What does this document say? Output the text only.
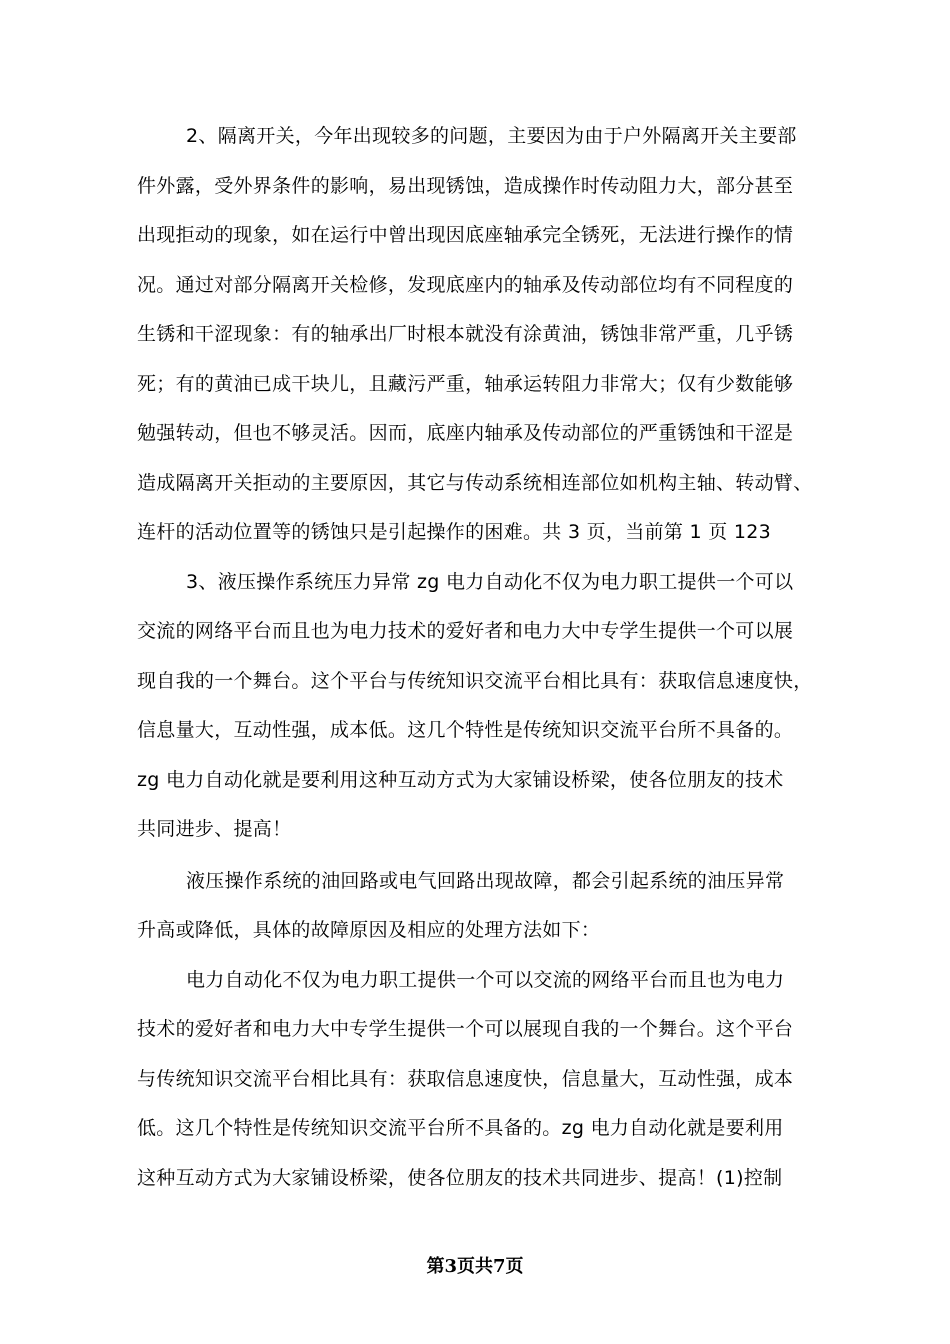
2、隔离开关，今年出现较多的问题，主要因为由于户外隔离开关主要部
件外露，受外界条件的影响，易出现锈蚀，造成操作时传动阻力大，部分甚至
出现拒动的现象，如在运行中曾出现因底座轴承完全锈死，无法进行操作的情
况。通过对部分隔离开关检修，发现底座内的轴承及传动部位均有不同程度的
生锈和干涩现象：有的轴承出厂时根本就没有涂黄油，锈蚀非常严重，几乎锈
死；有的黄油已成干块儿，且藏污严重，轴承运转阻力非常大；仅有少数能够
勉强转动，但也不够灵活。因而，底座内轴承及传动部位的严重锈蚀和干涩是
造成隔离开关拒动的主要原因，其它与传动系统相连部位如机构主轴、转动臂、
连杆的活动位置等的锈蚀只是引起操作的困难。共 3 页，当前第 1 页 123
3、液压操作系统压力异常 zg 电力自动化不仅为电力职工提供一个可以
交流的网络平台而且也为电力技术的爱好者和电力大中专学生提供一个可以展
现自我的一个舞台。这个平台与传统知识交流平台相比具有：获取信息速度快，
信息量大，互动性强，成本低。这几个特性是传统知识交流平台所不具备的。
zg 电力自动化就是要利用这种互动方式为大家铺设桥梁，使各位朋友的技术
共同进步、提高！
液压操作系统的油回路或电气回路出现故障，都会引起系统的油压异常
升高或降低，具体的故障原因及相应的处理方法如下：
电力自动化不仅为电力职工提供一个可以交流的网络平台而且也为电力
技术的爱好者和电力大中专学生提供一个可以展现自我的一个舞台。这个平台
与传统知识交流平台相比具有：获取信息速度快，信息量大，互动性强，成本
低。这几个特性是传统知识交流平台所不具备的。zg 电力自动化就是要利用
这种互动方式为大家铺设桥梁，使各位朋友的技术共同进步、提高！(1)控制
第3页共7页
